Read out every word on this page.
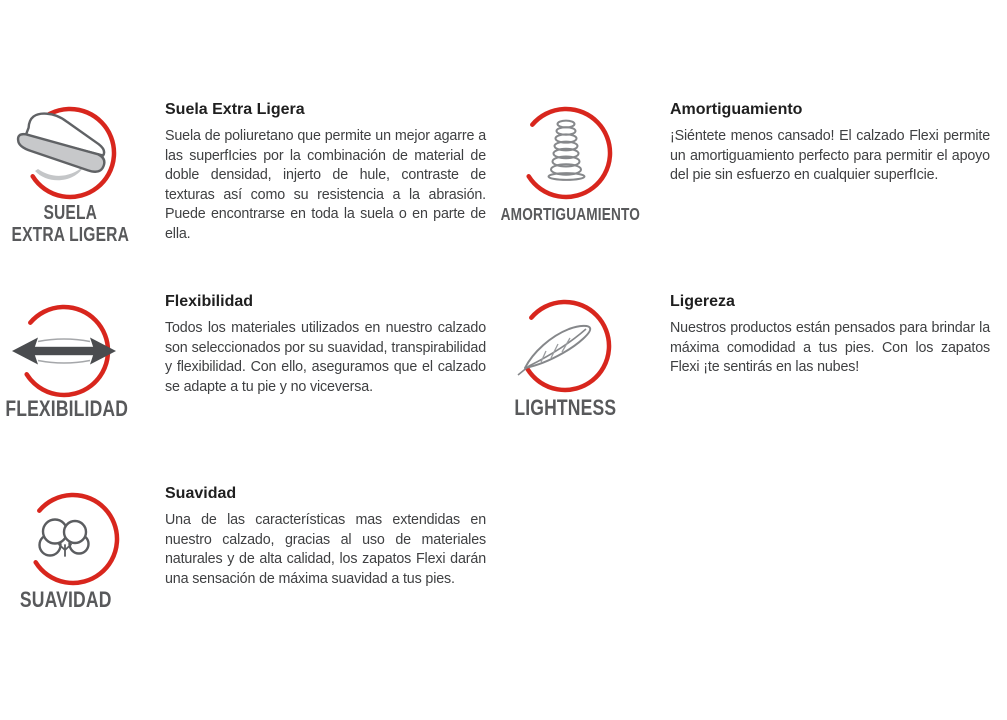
SUELA
EXTRA LIGERA
Suela Extra Ligera

Suela de poliuretano que permite un mejor agarre a las superfIcies por la combinación de material de doble densidad, injerto de hule, contraste de texturas así como su resistencia a la abrasión. Puede encontrarse en toda la suela o en parte de ella.

AMORTIGUAMIENTO
Amortiguamiento

¡Siéntete menos cansado! El calzado Flexi permite un amortiguamiento perfecto para permitir el apoyo del pie sin esfuerzo en cualquier superfIcie.

FLEXIBILIDAD
Flexibilidad

Todos los materiales utilizados en nuestro calzado son seleccionados por su suavidad, transpirabilidad y flexibilidad. Con ello, aseguramos que el calzado se adapte a tu pie y no viceversa.

LIGHTNESS
Ligereza

Nuestros productos están pensados para brindar la máxima comodidad a tus pies. Con los zapatos Flexi ¡te sentirás en las nubes!

SUAVIDAD
Suavidad

Una de las características mas extendidas en nuestro calzado, gracias al uso de materiales naturales y de alta calidad, los zapatos Flexi darán una sensación de máxima suavidad a tus pies.
